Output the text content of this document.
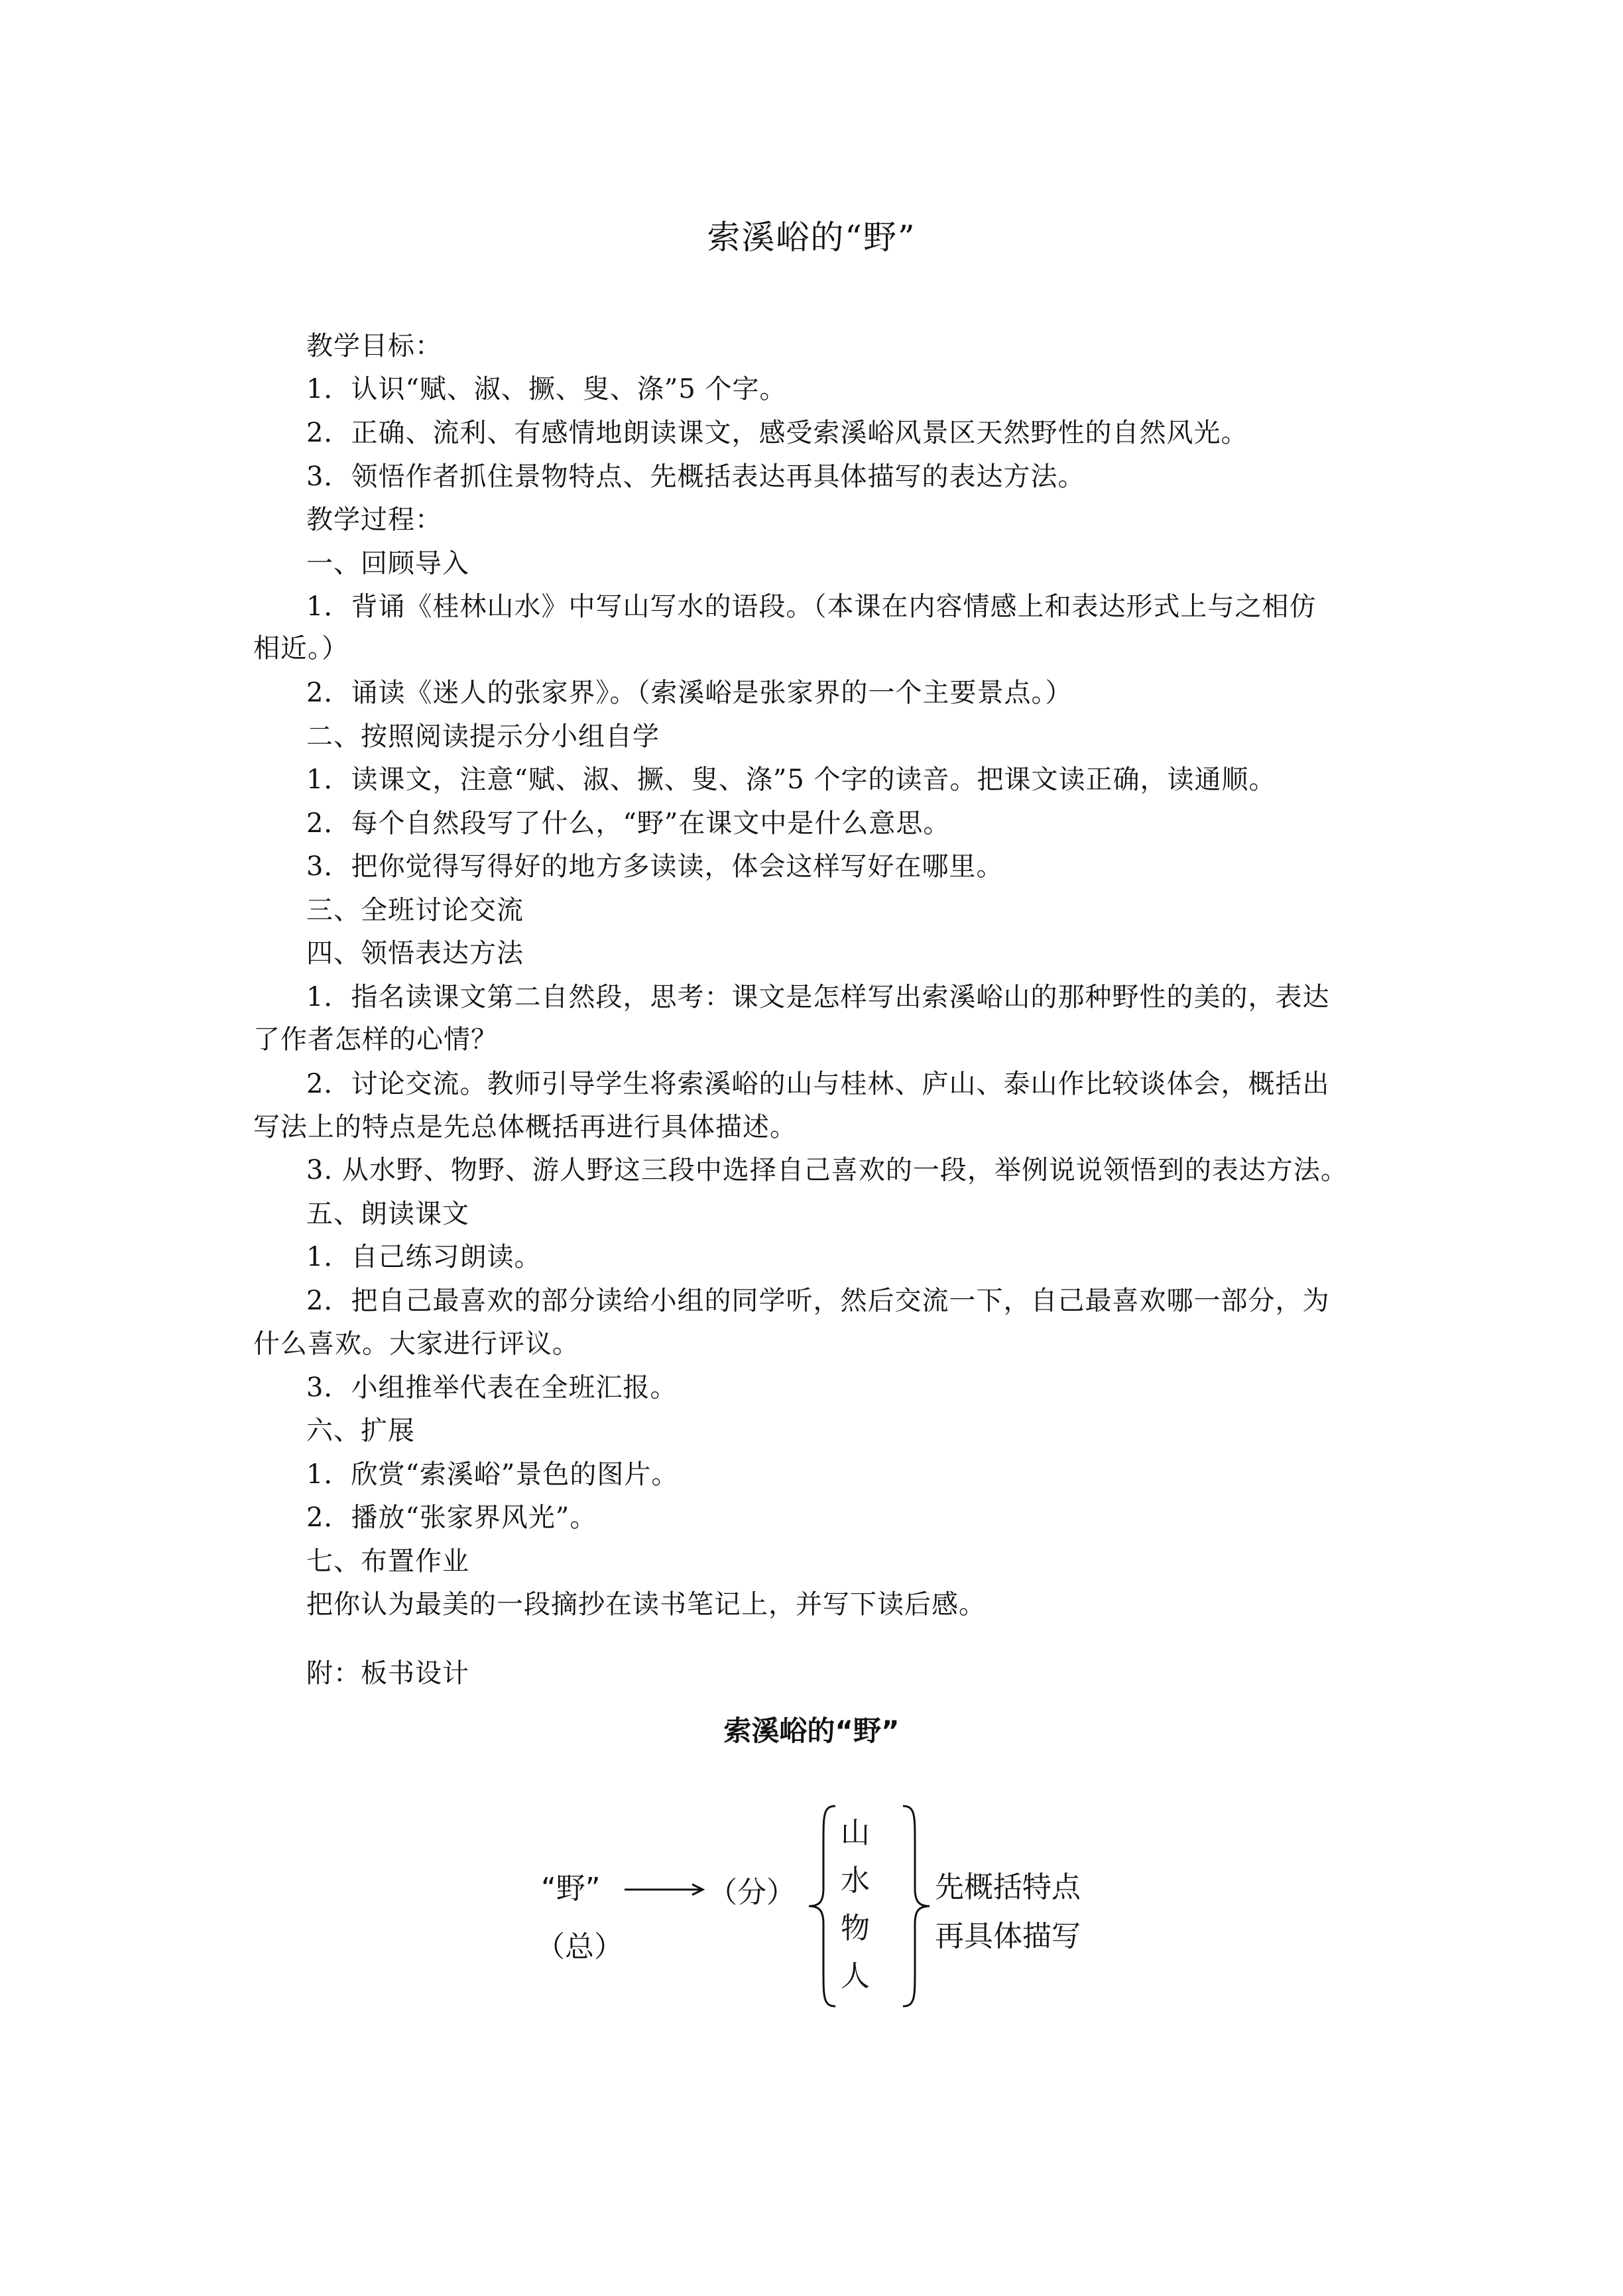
索溪峪的“野”
教学目标：
1．认识“赋、淑、撅、叟、涤”5 个字。
2．正确、流利、有感情地朗读课文，感受索溪峪风景区天然野性的自然风光。
3．领悟作者抓住景物特点、先概括表达再具体描写的表达方法。
教学过程：
一、回顾导入
1．背诵《桂林山水》中写山写水的语段。（本课在内容情感上和表达形式上与之相仿
相近。）
2．诵读《迷人的张家界》。（索溪峪是张家界的一个主要景点。）
二、按照阅读提示分小组自学
1．读课文，注意“赋、淑、撅、叟、涤”5 个字的读音。把课文读正确，读通顺。
2．每个自然段写了什么，“野”在课文中是什么意思。
3．把你觉得写得好的地方多读读，体会这样写好在哪里。
三、全班讨论交流
四、领悟表达方法
1．指名读课文第二自然段，思考：课文是怎样写出索溪峪山的那种野性的美的，表达
了作者怎样的心情？
2．讨论交流。教师引导学生将索溪峪的山与桂林、庐山、泰山作比较谈体会，概括出
写法上的特点是先总体概括再进行具体描述。
3. 从水野、物野、游人野这三段中选择自己喜欢的一段，举例说说领悟到的表达方法。
五、朗读课文
1．自己练习朗读。
2．把自己最喜欢的部分读给小组的同学听，然后交流一下，自己最喜欢哪一部分，为
什么喜欢。大家进行评议。
3．小组推举代表在全班汇报。
六、扩展
1．欣赏“索溪峪”景色的图片。
2．播放“张家界风光”。
七、布置作业
把你认为最美的一段摘抄在读书笔记上，并写下读后感。
附：板书设计
索溪峪的“野”
“野”
（总）
（分）
山
水
物
人
先概括特点
再具体描写
